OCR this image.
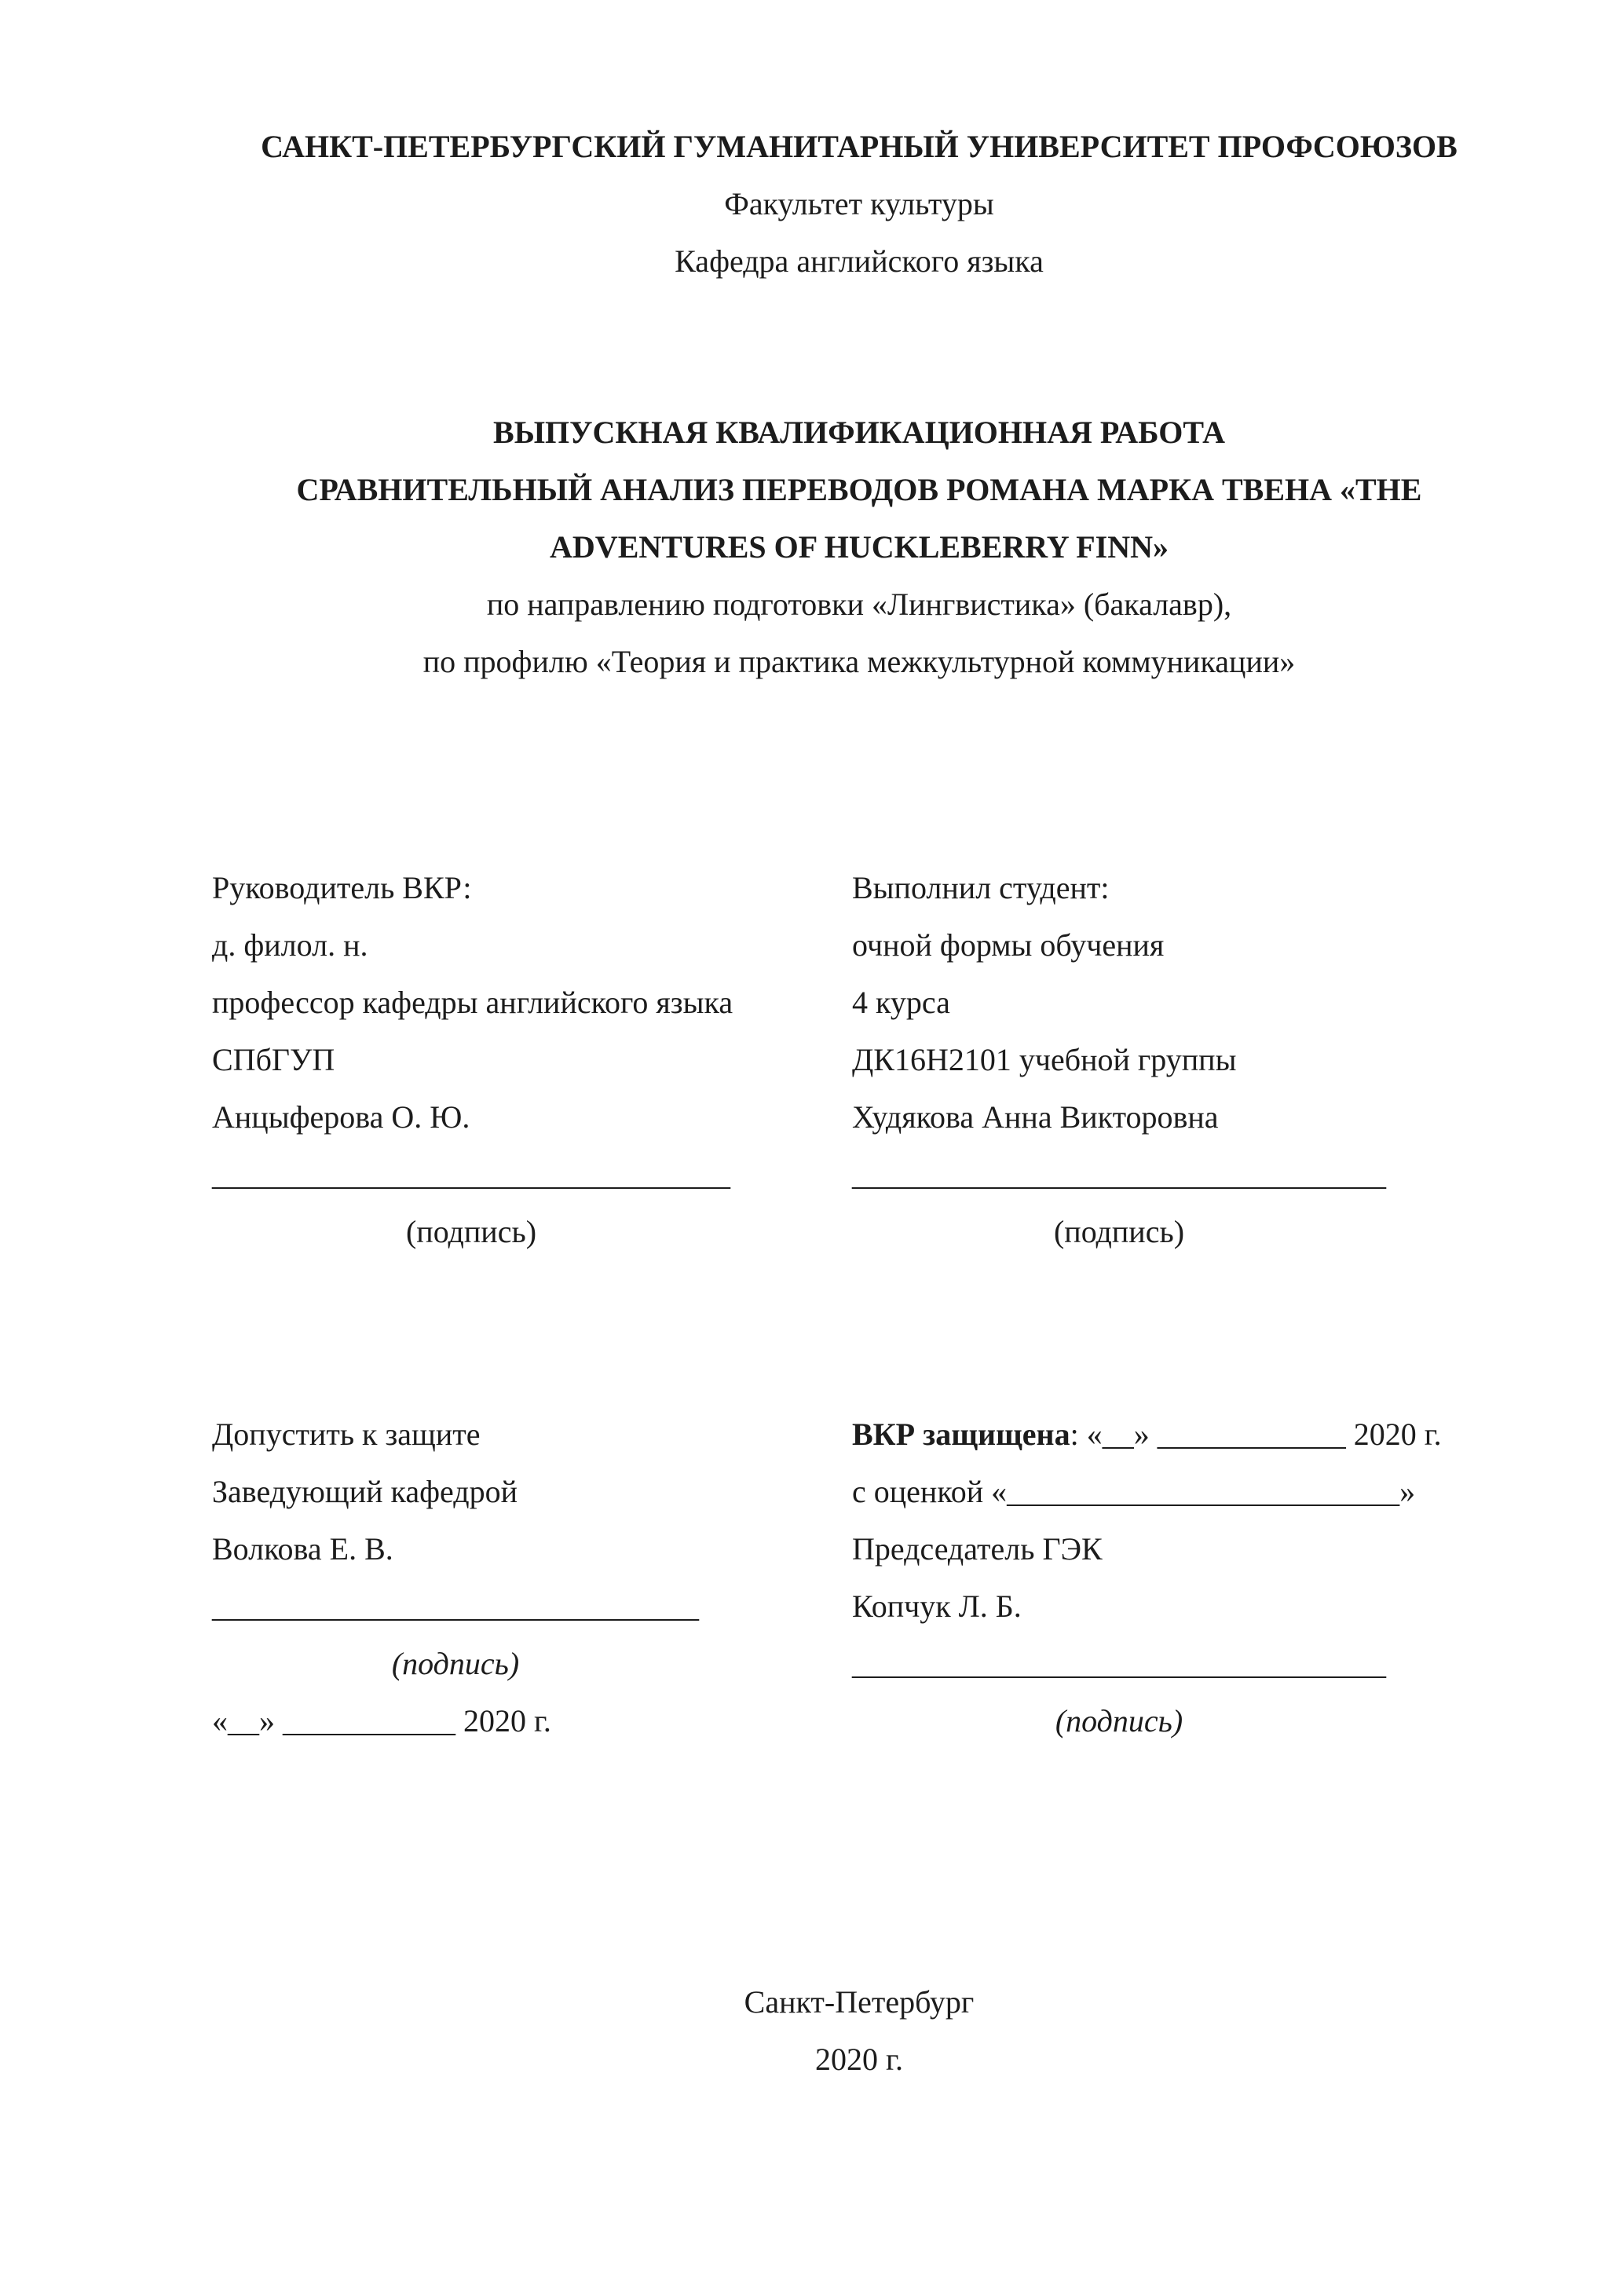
САНКТ-ПЕТЕРБУРГСКИЙ ГУМАНИТАРНЫЙ УНИВЕРСИТЕТ ПРОФСОЮЗОВ
Факультет культуры
Кафедра английского языка
ВЫПУСКНАЯ КВАЛИФИКАЦИОННАЯ РАБОТА
СРАВНИТЕЛЬНЫЙ АНАЛИЗ ПЕРЕВОДОВ РОМАНА МАРКА ТВЕНА «THE ADVENTURES OF HUCKLEBERRY FINN»
по направлению подготовки «Лингвистика» (бакалавр),
по профилю «Теория и практика межкультурной коммуникации»
Руководитель ВКР:
д. филол. н.
профессор кафедры английского языка
СПбГУП
Анцыферова О. Ю.
_________________________________
(подпись)
Выполнил студент:
очной формы обучения
4 курса
ДК16Н2101 учебной группы
Худякова Анна Викторовна
__________________________________
(подпись)
Допустить к защите
Заведующий кафедрой
Волкова Е. В.
_______________________________
(подпись)
«__» ___________ 2020 г.
ВКР защищена: «__» ____________ 2020 г.
с оценкой «_________________________»
Председатель ГЭК
Копчук Л. Б.
__________________________________
(подпись)
Санкт-Петербург
2020 г.
